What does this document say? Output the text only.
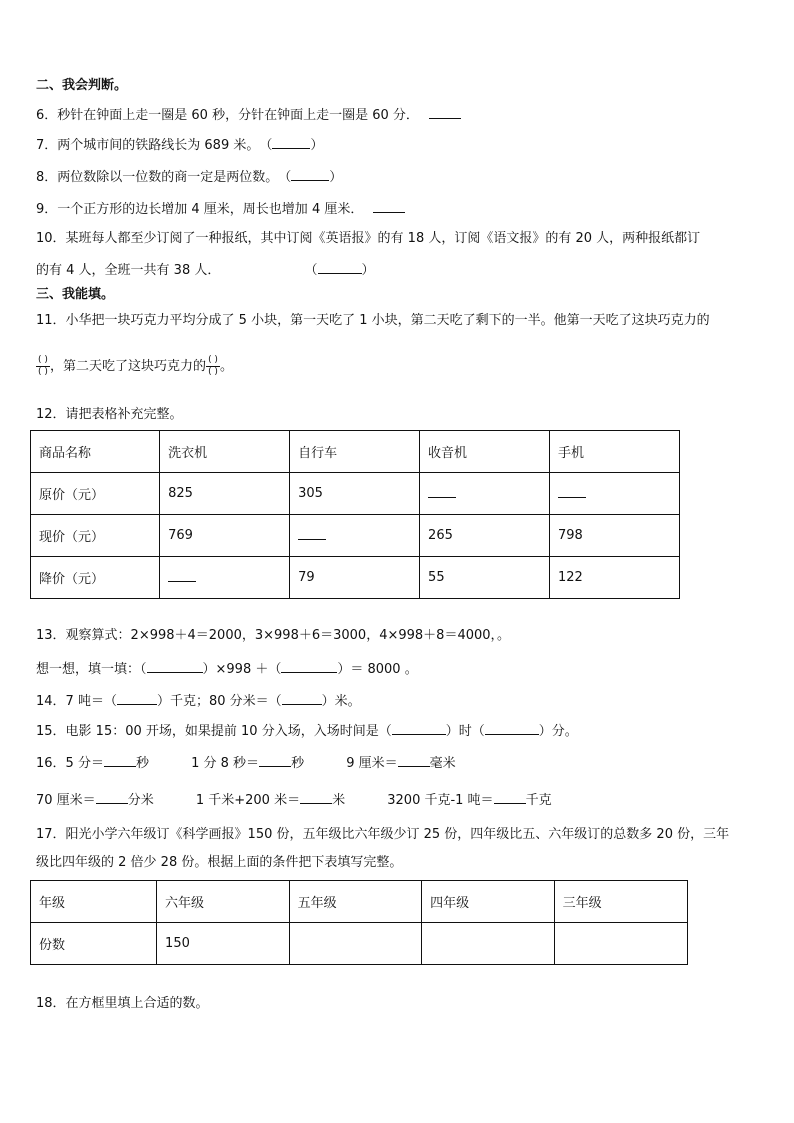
二、我会判断。
6．秒针在钟面上走一圈是 60 秒，分针在钟面上走一圈是 60 分．
7．两个城市间的铁路线长为 689 米。（	）
8．两位数除以一位数的商一定是两位数。（	）
9．一个正方形的边长增加 4 厘米，周长也增加 4 厘米．
10．某班每人都至少订阅了一种报纸，其中订阅《英语报》的有 18 人，订阅《语文报》的有 20 人，两种报纸都订
的有 4 人，全班一共有 38 人．	（	）
三、我能填。
11．小华把一块巧克力平均分成了 5 小块，第一天吃了 1 小块，第二天吃了剩下的一半。他第一天吃了这块巧克力的
$\frac{( )}{( )}$ ，第二天吃了这块巧克力的 $\frac{( )}{( )}$ 。
12．请把表格补充完整。
商品名称	洗衣机	自行车	收音机	手机
原价（元）	825	305		
现价（元）	769		265	798
降价（元）		79	55	122
13．观察算式：2×998＋4＝2000，3×998＋6＝3000，4×998＋8＝4000，。
想一想，填一填：（	）×998 ＋（	）＝ 8000 。
14．7 吨＝（	）千克；80 分米＝（	）米。
15．电影 15：00 开场，如果提前 10 分入场，入场时间是（	）时（	）分。
16．5 分＝ 秒	1 分 8 秒＝ 秒	9 厘米＝ 毫米
70 厘米＝ 分米	1 千米+200 米＝ 米	3200 千克-1 吨＝ 千克
17．阳光小学六年级订《科学画报》150 份，五年级比六年级少订 25 份，四年级比五、六年级订的总数多 20 份，三年
级比四年级的 2 倍少 28 份。根据上面的条件把下表填写完整。
年级	六年级	五年级	四年级	三年级
份数	150			
18．在方框里填上合适的数。
